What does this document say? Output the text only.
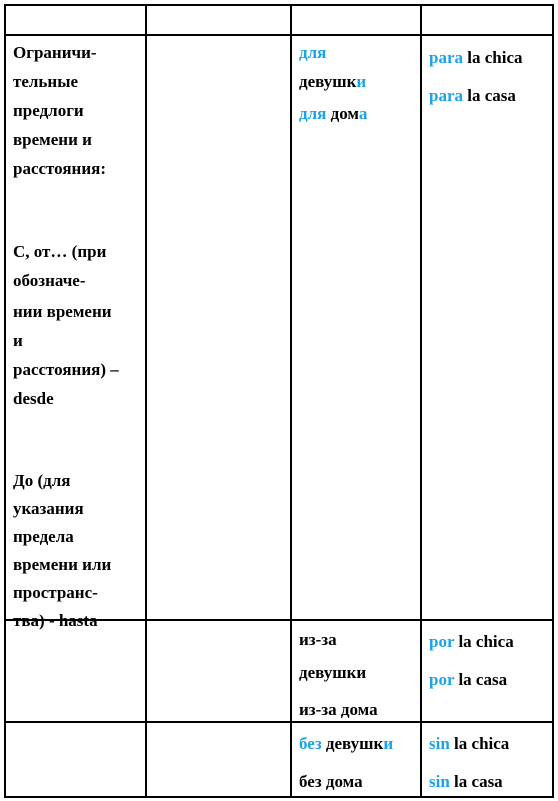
Ограничи-
тельные
предлоги
времени и
расстояния:
С, от… (при
обозначе-
нии времени
и
расстояния) –
desde
До (для
указания
предела
времени или
пространс-
тва) - hasta
для
девушки
для дома
para la chica
para la casa
из-за
девушки
из-за дома
por la chica
por la casa
без девушки
без дома
sin la chica
sin la casa
